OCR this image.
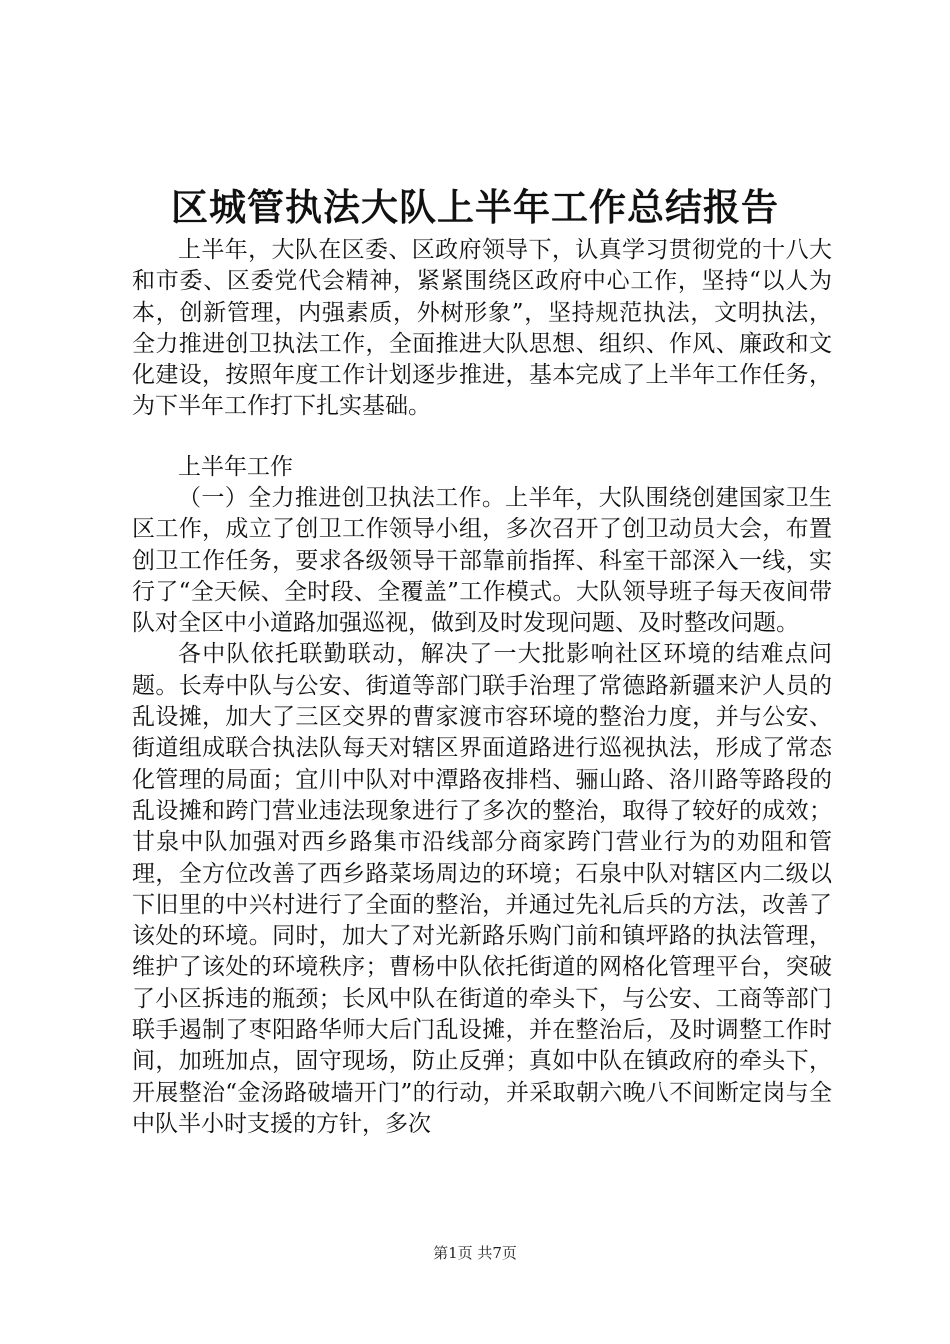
区城管执法大队上半年工作总结报告

上半年，大队在区委、区政府领导下，认真学习贯彻党的十八大和市委、区委党代会精神，紧紧围绕区政府中心工作，坚持“以人为本，创新管理，内强素质，外树形象”，坚持规范执法，文明执法，全力推进创卫执法工作，全面推进大队思想、组织、作风、廉政和文化建设，按照年度工作计划逐步推进，基本完成了上半年工作任务，为下半年工作打下扎实基础。

上半年工作

（一）全力推进创卫执法工作。上半年，大队围绕创建国家卫生区工作，成立了创卫工作领导小组，多次召开了创卫动员大会，布置创卫工作任务，要求各级领导干部靠前指挥、科室干部深入一线，实行了“全天候、全时段、全覆盖”工作模式。大队领导班子每天夜间带队对全区中小道路加强巡视，做到及时发现问题、及时整改问题。

各中队依托联勤联动，解决了一大批影响社区环境的结难点问题。长寿中队与公安、街道等部门联手治理了常德路新疆来沪人员的乱设摊，加大了三区交界的曹家渡市容环境的整治力度，并与公安、街道组成联合执法队每天对辖区界面道路进行巡视执法，形成了常态化管理的局面；宜川中队对中潭路夜排档、骊山路、洛川路等路段的乱设摊和跨门营业违法现象进行了多次的整治，取得了较好的成效；甘泉中队加强对西乡路集市沿线部分商家跨门营业行为的劝阻和管理，全方位改善了西乡路菜场周边的环境；石泉中队对辖区内二级以下旧里的中兴村进行了全面的整治，并通过先礼后兵的方法，改善了该处的环境。同时，加大了对光新路乐购门前和镇坪路的执法管理，维护了该处的环境秩序；曹杨中队依托街道的网格化管理平台，突破了小区拆违的瓶颈；长风中队在街道的牵头下，与公安、工商等部门联手遏制了枣阳路华师大后门乱设摊，并在整治后，及时调整工作时间，加班加点，固守现场，防止反弹；真如中队在镇政府的牵头下，开展整治“金汤路破墙开门”的行动，并采取朝六晚八不间断定岗与全中队半小时支援的方针，多次

第1页 共7页
